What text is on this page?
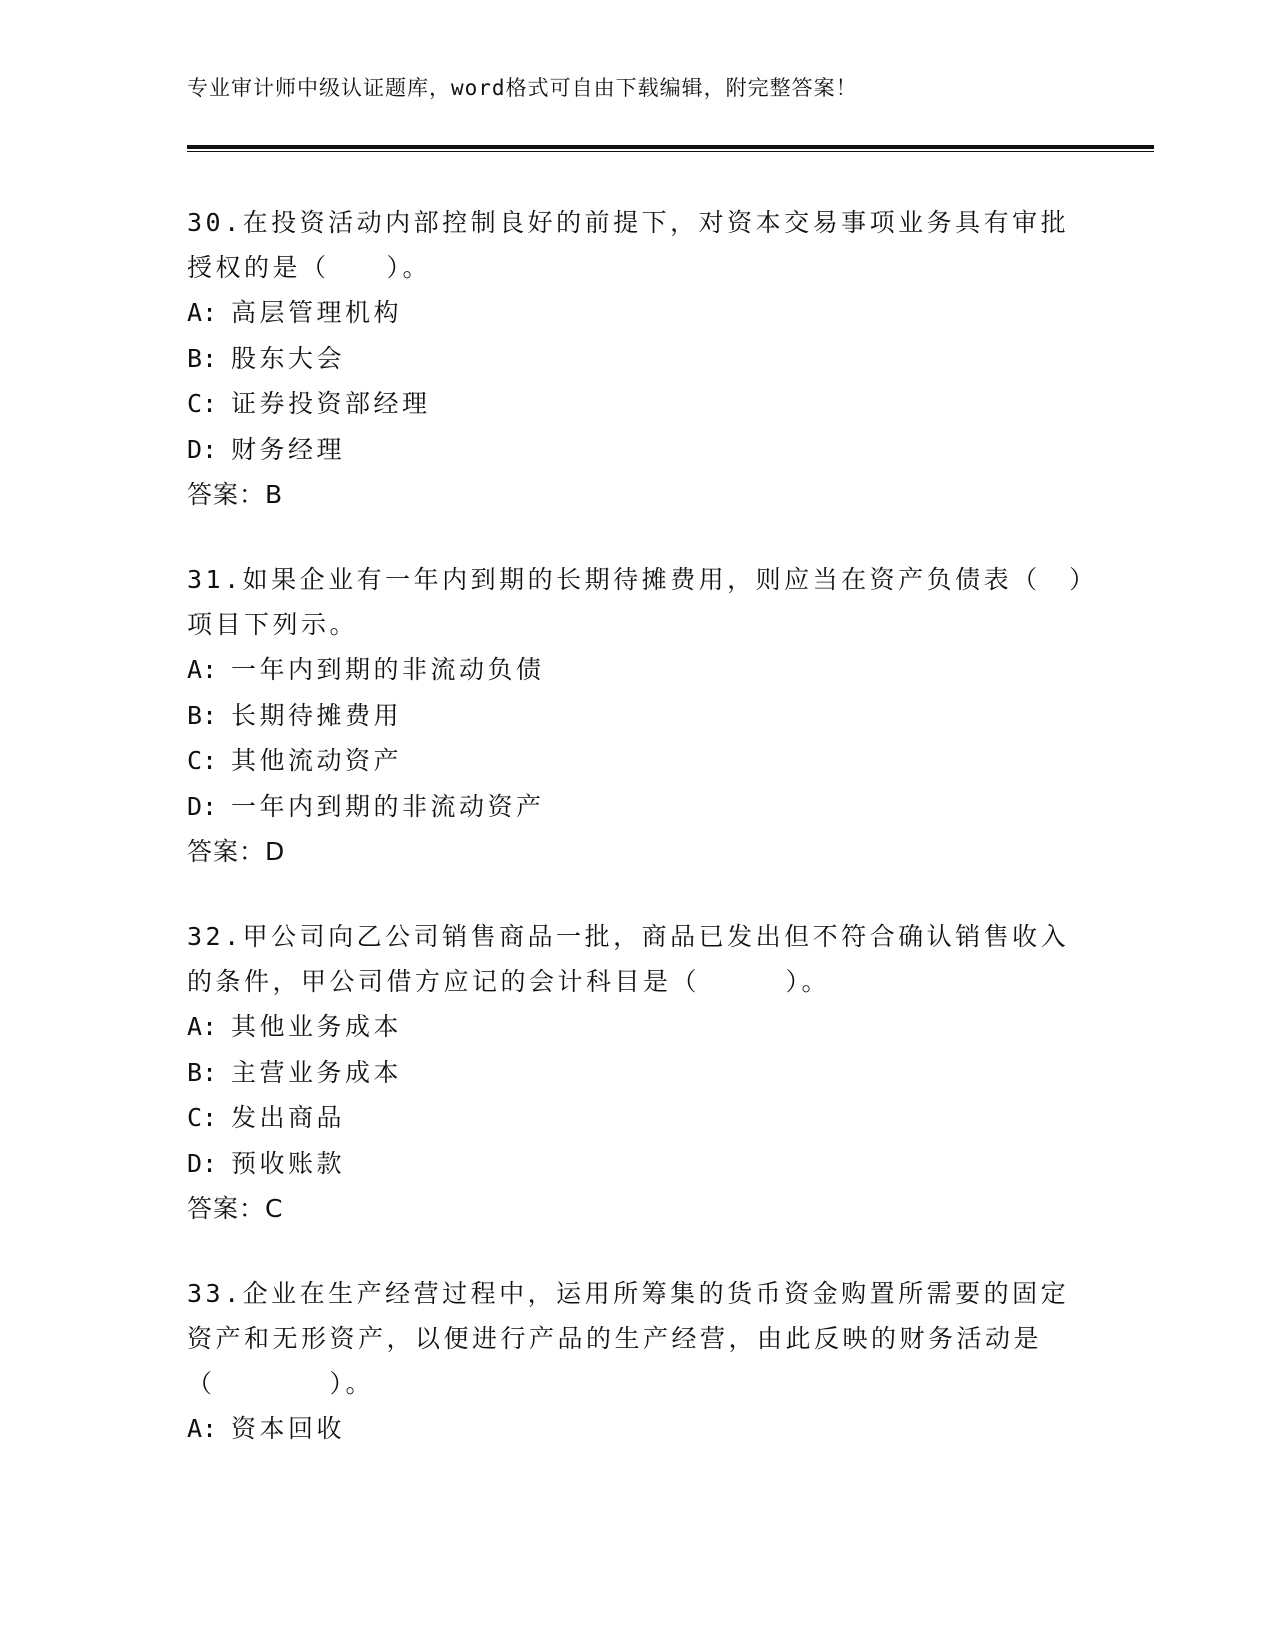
专业审计师中级认证题库，word格式可自由下载编辑，附完整答案！

30.在投资活动内部控制良好的前提下，对资本交易事项业务具有审批授权的是（　　）。

A: 高层管理机构
B: 股东大会
C: 证券投资部经理
D: 财务经理
答案：B

31.如果企业有一年内到期的长期待摊费用，则应当在资产负债表（　）项目下列示。

A: 一年内到期的非流动负债
B: 长期待摊费用
C: 其他流动资产
D: 一年内到期的非流动资产
答案：D

32.甲公司向乙公司销售商品一批，商品已发出但不符合确认销售收入的条件，甲公司借方应记的会计科目是（　　　）。

A: 其他业务成本
B: 主营业务成本
C: 发出商品
D: 预收账款
答案：C

33.企业在生产经营过程中，运用所筹集的货币资金购置所需要的固定资产和无形资产，以便进行产品的生产经营，由此反映的财务活动是（　　　　）。

A: 资本回收
